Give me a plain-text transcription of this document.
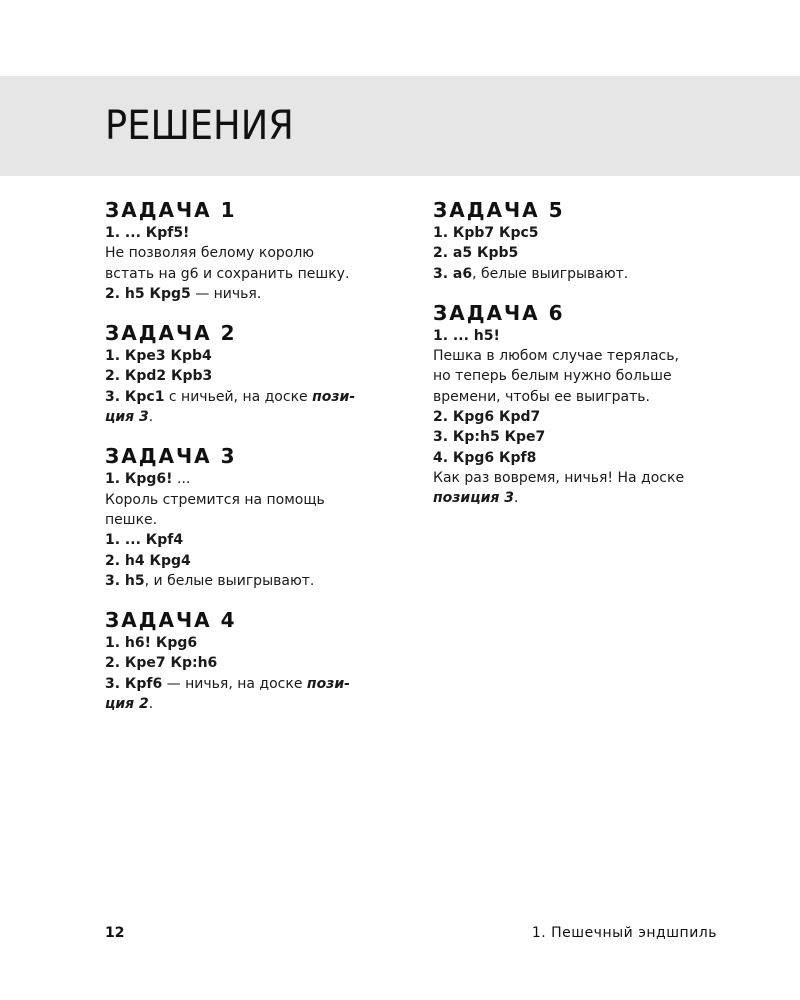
РЕШЕНИЯ
ЗАДАЧА 1

1. ... Крf5!

Не позволяя белому королю

встать на g6 и сохранить пешку.

2. h5 Крg5 — ничья.

ЗАДАЧА 2

1. Крe3 Крb4

2. Крd2 Крb3

3. Крc1 с ничьей, на доске пози-

ция 3.

ЗАДАЧА 3

1. Крg6! ...

Король стремится на помощь

пешке.

1. ... Крf4

2. h4 Крg4

3. h5, и белые выигрывают.

ЗАДАЧА 4

1. h6! Крg6

2. Крe7 Кр:h6

3. Крf6 — ничья, на доске пози-

ция 2.

ЗАДАЧА 5

1. Крb7 Крc5

2. a5 Крb5

3. a6, белые выигрывают.

ЗАДАЧА 6

1. ... h5!

Пешка в любом случае терялась,

но теперь белым нужно больше

времени, чтобы ее выиграть.

2. Крg6 Крd7

3. Кр:h5 Крe7

4. Крg6 Крf8

Как раз вовремя, ничья! На доске

позиция 3.

12	1. Пешечный эндшпиль
